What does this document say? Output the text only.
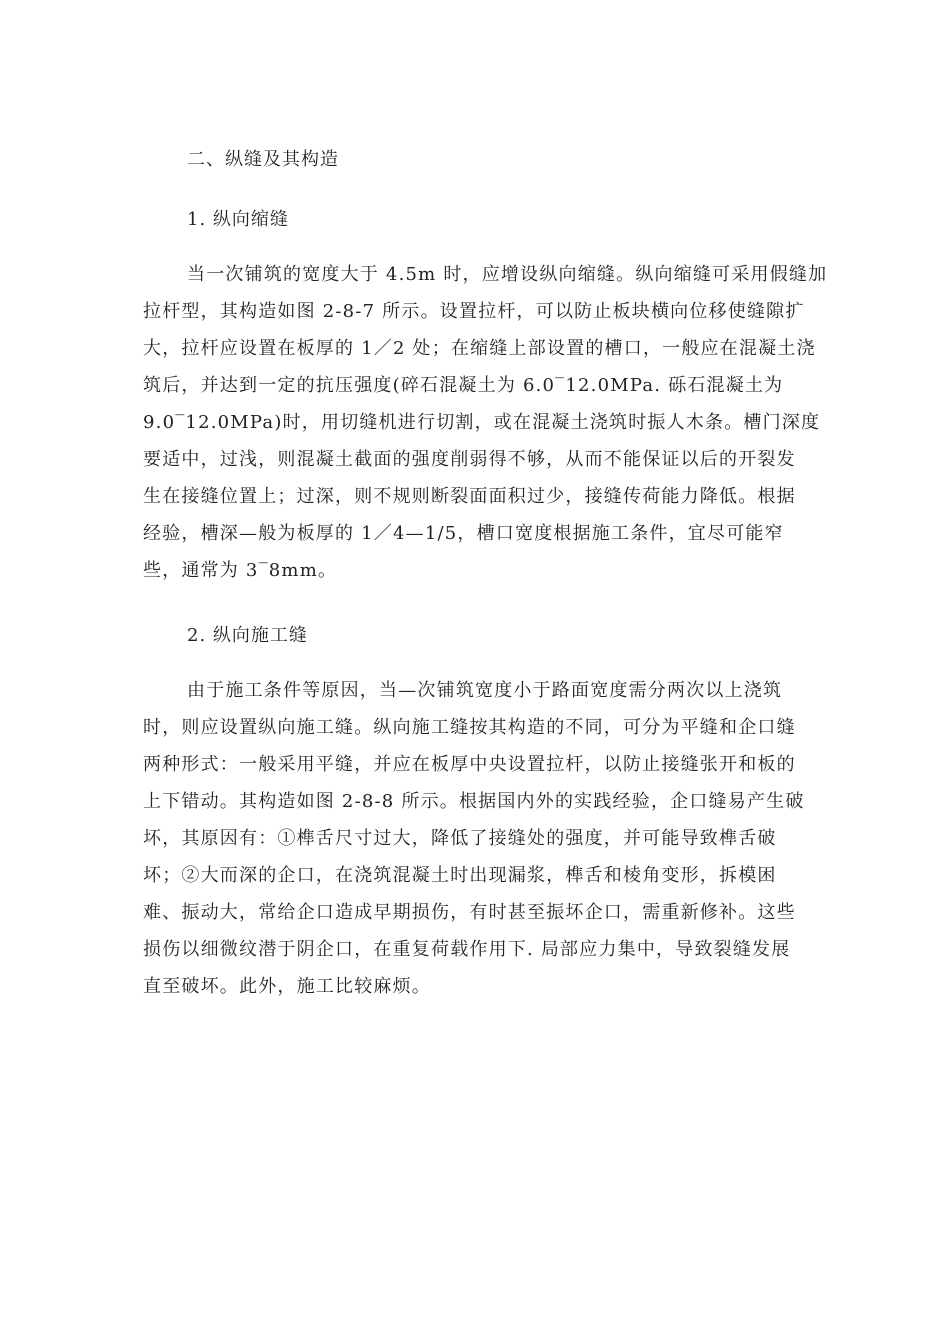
二、纵缝及其构造
1. 纵向缩缝
当一次铺筑的宽度大于 4.5m 时，应增设纵向缩缝。纵向缩缝可采用假缝加
拉杆型，其构造如图 2-8-7 所示。设置拉杆，可以防止板块横向位移使缝隙扩
大，拉杆应设置在板厚的 1／2 处；在缩缝上部设置的槽口，一般应在混凝土浇
筑后，并达到一定的抗压强度(碎石混凝土为 6.0‾12.0MPa. 砾石混凝土为
9.0‾12.0MPa)时，用切缝机进行切割，或在混凝土浇筑时振人木条。槽门深度
要适中，过浅，则混凝土截面的强度削弱得不够，从而不能保证以后的开裂发
生在接缝位置上；过深，则不规则断裂面面积过少，接缝传荷能力降低。根据
经验，槽深—般为板厚的 1／4—1/5，槽口宽度根据施工条件，宜尽可能窄
些，通常为 3‾8mm。
2. 纵向施工缝
由于施工条件等原因，当—次铺筑宽度小于路面宽度需分两次以上浇筑
时，则应设置纵向施工缝。纵向施工缝按其构造的不同，可分为平缝和企口缝
两种形式：一般采用平缝，并应在板厚中央设置拉杆，以防止接缝张开和板的
上下错动。其构造如图 2-8-8 所示。根据国内外的实践经验，企口缝易产生破
坏，其原因有：①榫舌尺寸过大，降低了接缝处的强度，并可能导致榫舌破
坏；②大而深的企口，在浇筑混凝土时出现漏浆，榫舌和棱角变形，拆模困
难、振动大，常给企口造成早期损伤，有时甚至振坏企口，需重新修补。这些
损伤以细微纹潜于阴企口，在重复荷载作用下. 局部应力集中，导致裂缝发展
直至破坏。此外，施工比较麻烦。
